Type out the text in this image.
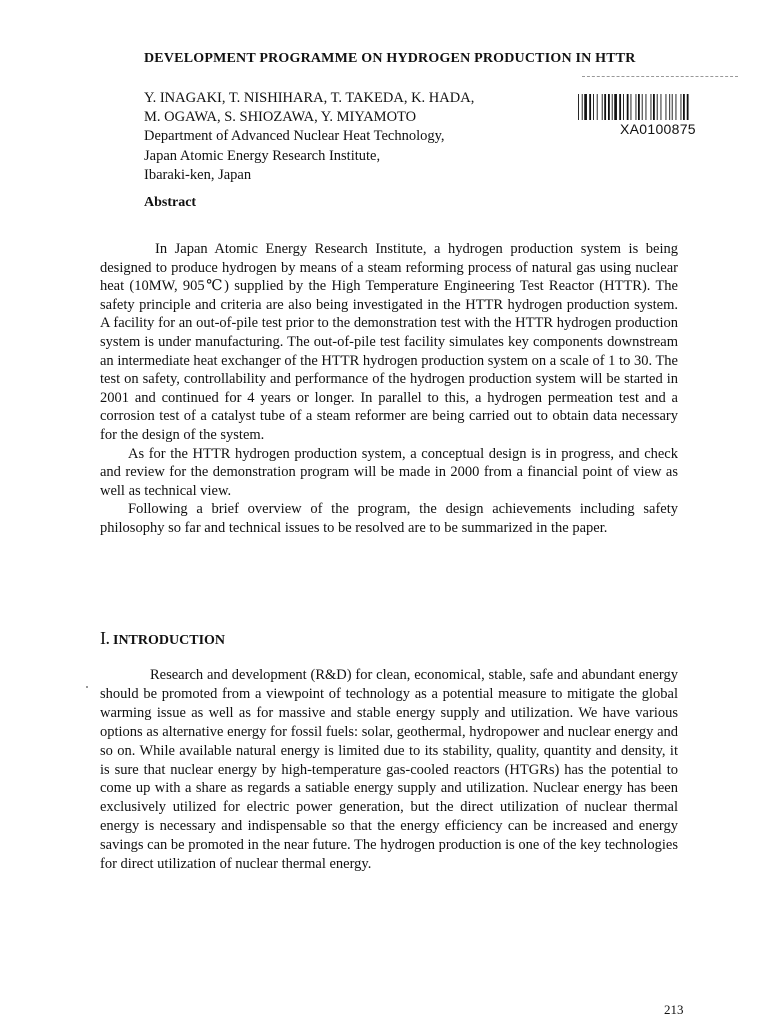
DEVELOPMENT PROGRAMME ON HYDROGEN PRODUCTION IN HTTR
Y. INAGAKI, T. NISHIHARA, T. TAKEDA, K. HADA,
M. OGAWA, S. SHIOZAWA, Y. MIYAMOTO
Department of Advanced Nuclear Heat Technology,
Japan Atomic Energy Research Institute,
Ibaraki-ken, Japan
XA0100875
Abstract

In Japan Atomic Energy Research Institute, a hydrogen production system is being designed to produce hydrogen by means of a steam reforming process of natural gas using nuclear heat (10MW, 905℃) supplied by the High Temperature Engineering Test Reactor (HTTR). The safety principle and criteria are also being investigated in the HTTR hydrogen production system. A facility for an out-of-pile test prior to the demonstration test with the HTTR hydrogen production system is under manufacturing. The out-of-pile test facility simulates key components downstream an intermediate heat exchanger of the HTTR hydrogen production system on a scale of 1 to 30. The test on safety, controllability and performance of the hydrogen production system will be started in 2001 and continued for 4 years or longer. In parallel to this, a hydrogen permeation test and a corrosion test of a catalyst tube of a steam reformer are being carried out to obtain data necessary for the design of the system.

As for the HTTR hydrogen production system, a conceptual design is in progress, and check and review for the demonstration program will be made in 2000 from a financial point of view as well as technical view.

Following a brief overview of the program, the design achievements including safety philosophy so far and technical issues to be resolved are to be summarized in the paper.

I. INTRODUCTION

Research and development (R&D) for clean, economical, stable, safe and abundant energy should be promoted from a viewpoint of technology as a potential measure to mitigate the global warming issue as well as for massive and stable energy supply and utilization. We have various options as alternative energy for fossil fuels: solar, geothermal, hydropower and nuclear energy and so on. While available natural energy is limited due to its stability, quality, quantity and density, it is sure that nuclear energy by high-temperature gas-cooled reactors (HTGRs) has the potential to come up with a share as regards a satiable energy supply and utilization. Nuclear energy has been exclusively utilized for electric power generation, but the direct utilization of nuclear thermal energy is necessary and indispensable so that the energy efficiency can be increased and energy savings can be promoted in the near future. The hydrogen production is one of the key technologies for direct utilization of nuclear thermal energy.

213
